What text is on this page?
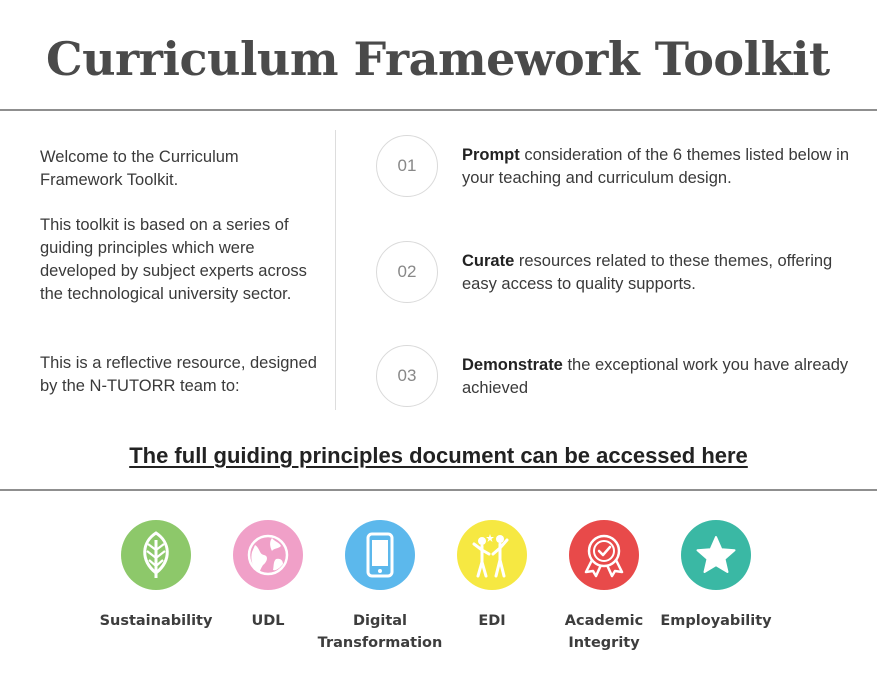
Curriculum Framework Toolkit

Welcome to the Curriculum Framework Toolkit.

This toolkit is based on a series of guiding principles which were developed by subject experts across the technological university sector.

This is a reflective resource, designed by the N-TUTORR team to:

01

Prompt consideration of the 6 themes listed below in your teaching and curriculum design.

02

Curate resources related to these themes, offering easy access to quality supports.

03

Demonstrate the exceptional work you have already achieved

The full guiding principles document can be accessed here
Sustainability	UDL	Digital Transformation
EDI	Academic Integrity
Employability
